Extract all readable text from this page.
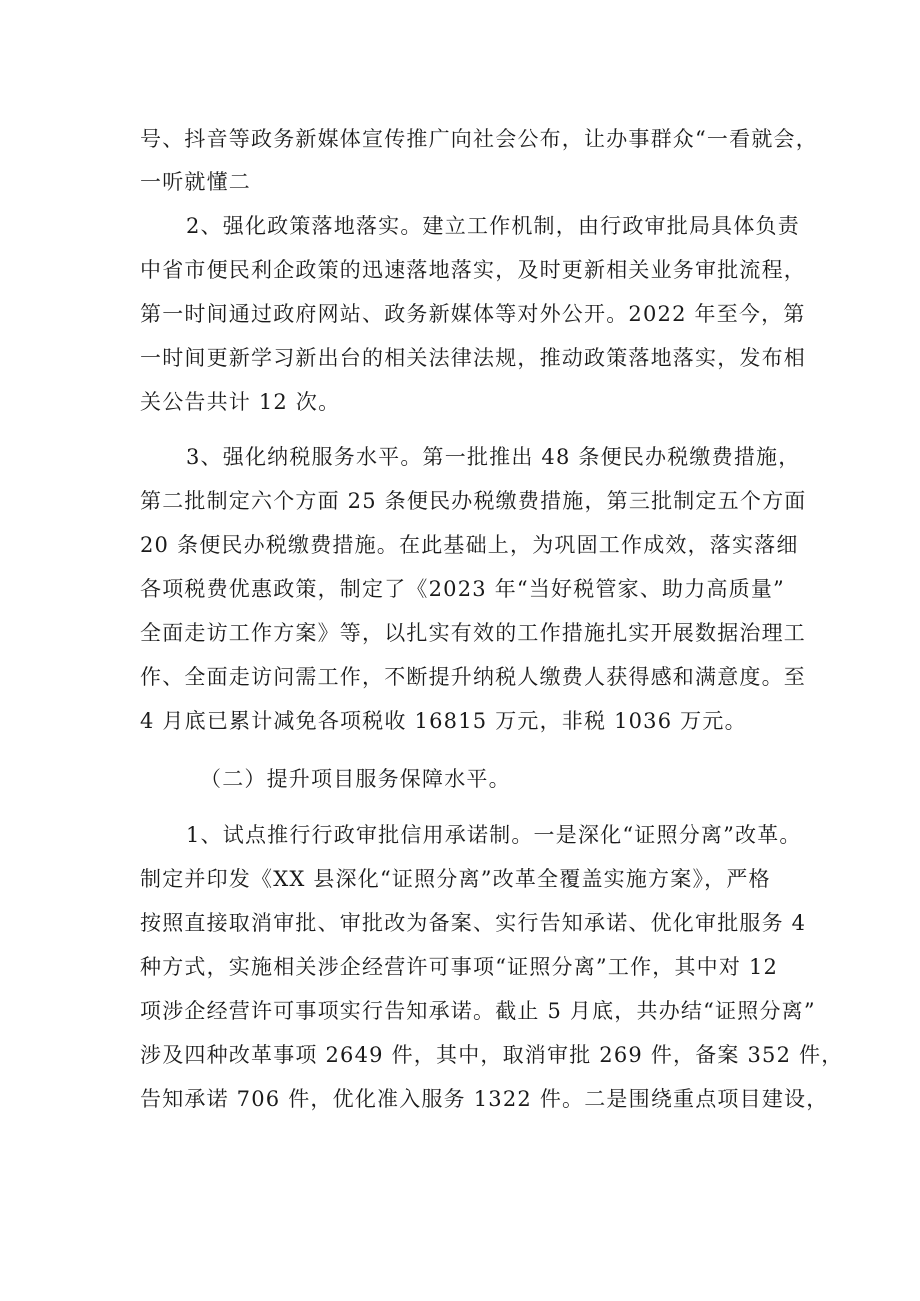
号、抖音等政务新媒体宣传推广向社会公布，让办事群众“一看就会，
一听就懂二
2、强化政策落地落实。建立工作机制，由行政审批局具体负责
中省市便民利企政策的迅速落地落实，及时更新相关业务审批流程，
第一时间通过政府网站、政务新媒体等对外公开。2022 年至今，第
一时间更新学习新出台的相关法律法规，推动政策落地落实，发布相
关公告共计 12 次。
3、强化纳税服务水平。第一批推出 48 条便民办税缴费措施，
第二批制定六个方面 25 条便民办税缴费措施，第三批制定五个方面
20 条便民办税缴费措施。在此基础上，为巩固工作成效，落实落细
各项税费优惠政策，制定了《2023 年“当好税管家、助力高质量”
全面走访工作方案》等，以扎实有效的工作措施扎实开展数据治理工
作、全面走访问需工作，不断提升纳税人缴费人获得感和满意度。至
4 月底已累计减免各项税收 16815 万元，非税 1036 万元。
（二）提升项目服务保障水平。
1、试点推行行政审批信用承诺制。一是深化“证照分离”改革。
制定并印发《XX 县深化“证照分离”改革全覆盖实施方案》，严格
按照直接取消审批、审批改为备案、实行告知承诺、优化审批服务 4
种方式，实施相关涉企经营许可事项“证照分离”工作，其中对 12
项涉企经营许可事项实行告知承诺。截止 5 月底，共办结“证照分离”
涉及四种改革事项 2649 件，其中，取消审批 269 件，备案 352 件，
告知承诺 706 件，优化准入服务 1322 件。二是围绕重点项目建设，
